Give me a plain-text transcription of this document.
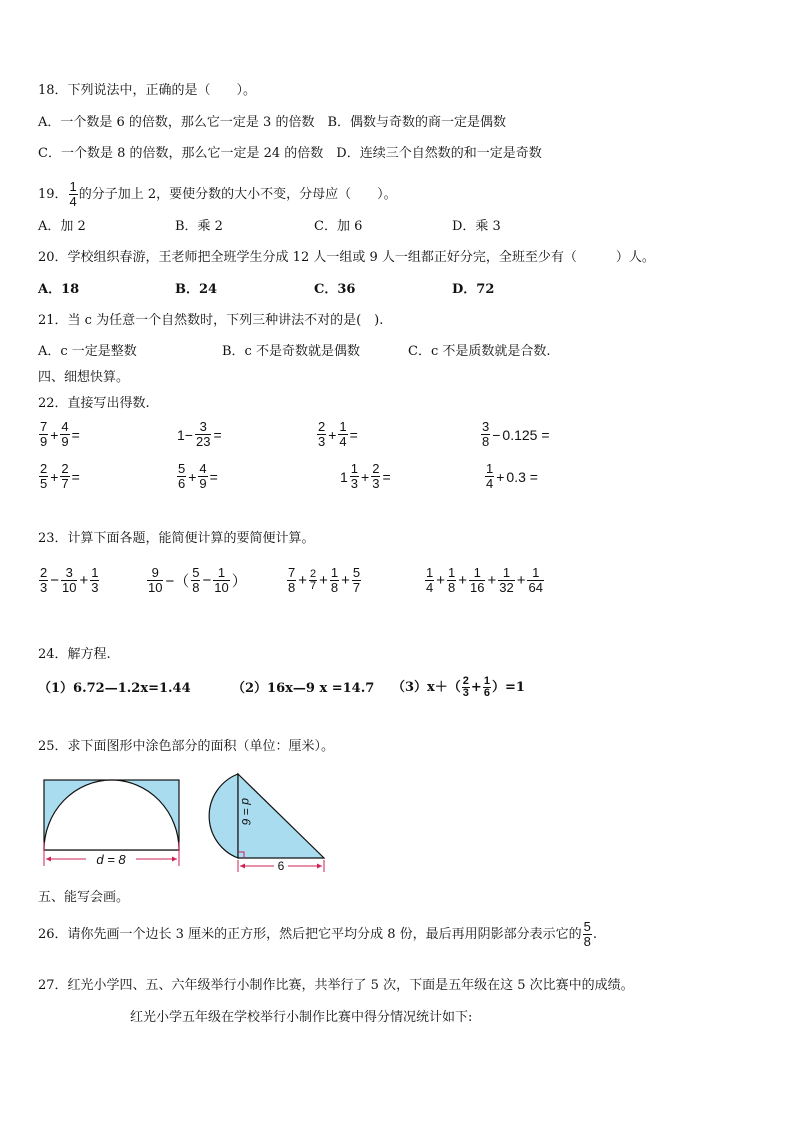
18．下列说法中，正确的是（　　）。
A．一个数是 6 的倍数，那么它一定是 3 的倍数　B．偶数与奇数的商一定是偶数
C．一个数是 8 的倍数，那么它一定是 24 的倍数　D．连续三个自然数的和一定是奇数
19． $\frac{1}{4}$ 的分子加上 2，要使分数的大小不变，分母应（　　）。
A．加 2	B．乘 2	C．加 6	D．乘 3
20．学校组织春游，王老师把全班学生分成 12 人一组或 9 人一组都正好分完，全班至少有（　　　）人。
A．18	B．24	C．36	D．72
21．当 c 为任意一个自然数时，下列三种讲法不对的是(　).
A．c 一定是整数	B．c 不是奇数就是偶数	C．c 不是质数就是合数.
四、细想快算。
22．直接写出得数.
$\frac{7}{9} + \frac{4}{9}$ =	$1- \frac{3}{23}$ =	$\frac{2}{3} + \frac{1}{4}$ =	$\frac{3}{8} - 0.125$ =
$\frac{2}{5} + \frac{2}{7}$ =	$\frac{5}{6} + \frac{4}{9}$ =	$1 \frac{1}{3} + \frac{2}{3}$ =	$\frac{1}{4} + 0.3$ =
23．计算下面各题，能简便计算的要简便计算。
$\frac{2}{3} - \frac{3}{10} + \frac{1}{3}$	$\frac{9}{10}$ −（ $\frac{5}{8} - \frac{1}{10}$ ）	$\frac{7}{8} + \frac{2}{7} + \frac{1}{8} + \frac{5}{7}$	$\frac{1}{4} + \frac{1}{8} + \frac{1}{16} + \frac{1}{32} + \frac{1}{64}$
24．解方程.
（1）6.72—1.2x=1.44	（2）16x—9 x =14.7 $(3)x+( \frac{2}{3} + \frac{1}{6} )=1$
25．求下面图形中涂色部分的面积（单位：厘米）。
d = 8
d = 6
6
五、能写会画。
26．请你先画一个边长 3 厘米的正方形，然后把它平均分成 8 份，最后再用阴影部分表示它的 $\frac{5}{8}$ .
27．红光小学四、五、六年级举行小制作比赛，共举行了 5 次，下面是五年级在这 5 次比赛中的成绩。
红光小学五年级在学校举行小制作比赛中得分情况统计如下:
